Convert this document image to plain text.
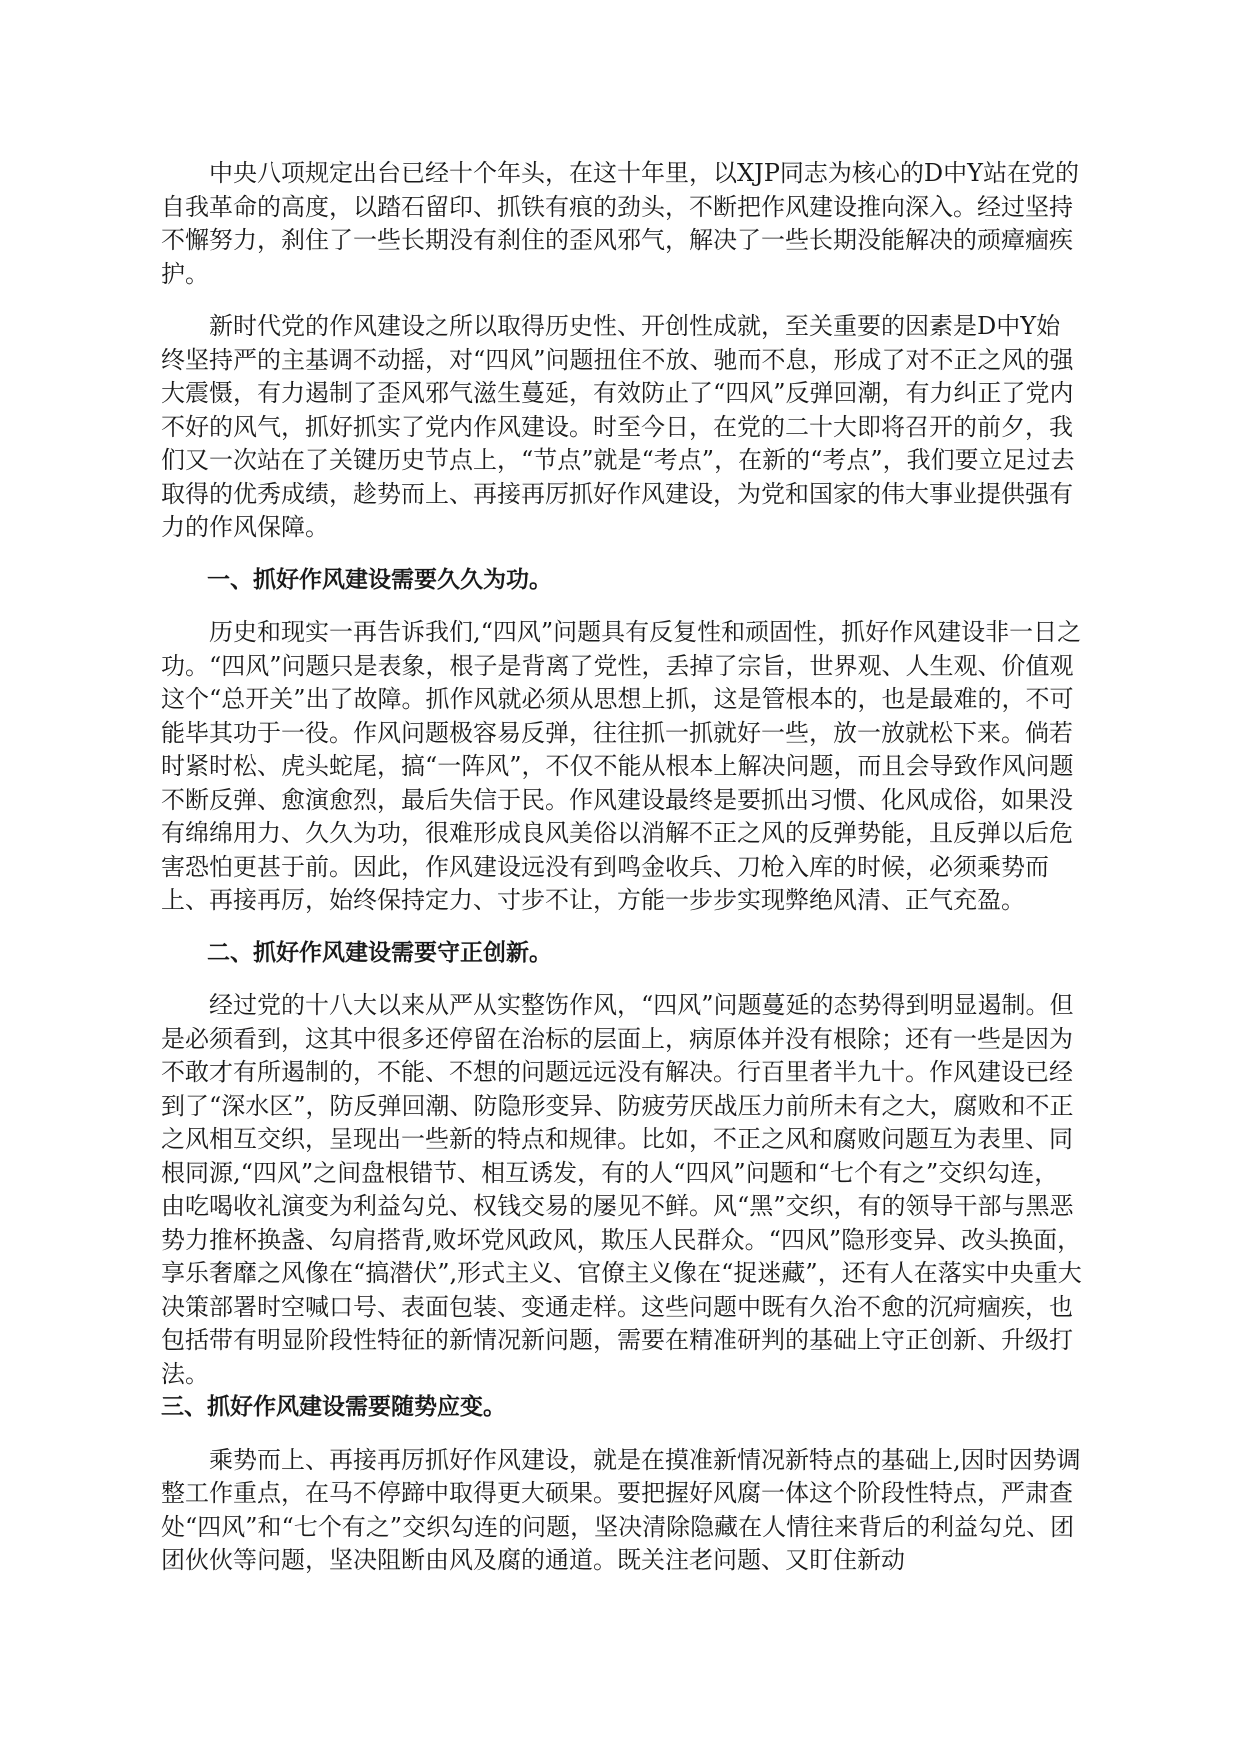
中央八项规定出台已经十个年头，在这十年里，以XJP同志为核心的D中Y站在党的自我革命的高度，以踏石留印、抓铁有痕的劲头，不断把作风建设推向深入。经过坚持不懈努力，刹住了一些长期没有刹住的歪风邪气，解决了一些长期没能解决的顽瘴痼疾护。

新时代党的作风建设之所以取得历史性、开创性成就，至关重要的因素是D中Y始终坚持严的主基调不动摇，对“四风”问题扭住不放、驰而不息，形成了对不正之风的强大震慑，有力遏制了歪风邪气滋生蔓延，有效防止了“四风”反弹回潮，有力纠正了党内不好的风气，抓好抓实了党内作风建设。时至今日，在党的二十大即将召开的前夕，我们又一次站在了关键历史节点上，“节点”就是“考点”，在新的“考点”，我们要立足过去取得的优秀成绩，趁势而上、再接再厉抓好作风建设，为党和国家的伟大事业提供强有力的作风保障。

一、抓好作风建设需要久久为功。

历史和现实一再告诉我们,“四风”问题具有反复性和顽固性，抓好作风建设非一日之功。“四风”问题只是表象，根子是背离了党性，丢掉了宗旨，世界观、人生观、价值观这个“总开关”出了故障。抓作风就必须从思想上抓，这是管根本的，也是最难的，不可能毕其功于一役。作风问题极容易反弹，往往抓一抓就好一些，放一放就松下来。倘若时紧时松、虎头蛇尾，搞“一阵风”，不仅不能从根本上解决问题，而且会导致作风问题不断反弹、愈演愈烈，最后失信于民。作风建设最终是要抓出习惯、化风成俗，如果没有绵绵用力、久久为功，很难形成良风美俗以消解不正之风的反弹势能，且反弹以后危害恐怕更甚于前。因此，作风建设远没有到鸣金收兵、刀枪入库的时候，必须乘势而上、再接再厉，始终保持定力、寸步不让，方能一步步实现弊绝风清、正气充盈。

二、抓好作风建设需要守正创新。

经过党的十八大以来从严从实整饬作风，“四风”问题蔓延的态势得到明显遏制。但是必须看到，这其中很多还停留在治标的层面上，病原体并没有根除；还有一些是因为不敢才有所遏制的，不能、不想的问题远远没有解决。行百里者半九十。作风建设已经到了“深水区”，防反弹回潮、防隐形变异、防疲劳厌战压力前所未有之大，腐败和不正之风相互交织，呈现出一些新的特点和规律。比如，不正之风和腐败问题互为表里、同根同源,“四风”之间盘根错节、相互诱发，有的人“四风”问题和“七个有之”交织勾连，由吃喝收礼演变为利益勾兑、权钱交易的屡见不鲜。风“黑”交织，有的领导干部与黑恶势力推杯换盏、勾肩搭背,败坏党风政风，欺压人民群众。“四风”隐形变异、改头换面，享乐奢靡之风像在“搞潜伏”,形式主义、官僚主义像在“捉迷藏”，还有人在落实中央重大决策部署时空喊口号、表面包装、变通走样。这些问题中既有久治不愈的沉疴痼疾，也包括带有明显阶段性特征的新情况新问题，需要在精准研判的基础上守正创新、升级打法。

三、抓好作风建设需要随势应变。

乘势而上、再接再厉抓好作风建设，就是在摸准新情况新特点的基础上,因时因势调整工作重点，在马不停蹄中取得更大硕果。要把握好风腐一体这个阶段性特点，严肃查处“四风”和“七个有之”交织勾连的问题，坚决清除隐藏在人情往来背后的利益勾兑、团团伙伙等问题，坚决阻断由风及腐的通道。既关注老问题、又盯住新动
